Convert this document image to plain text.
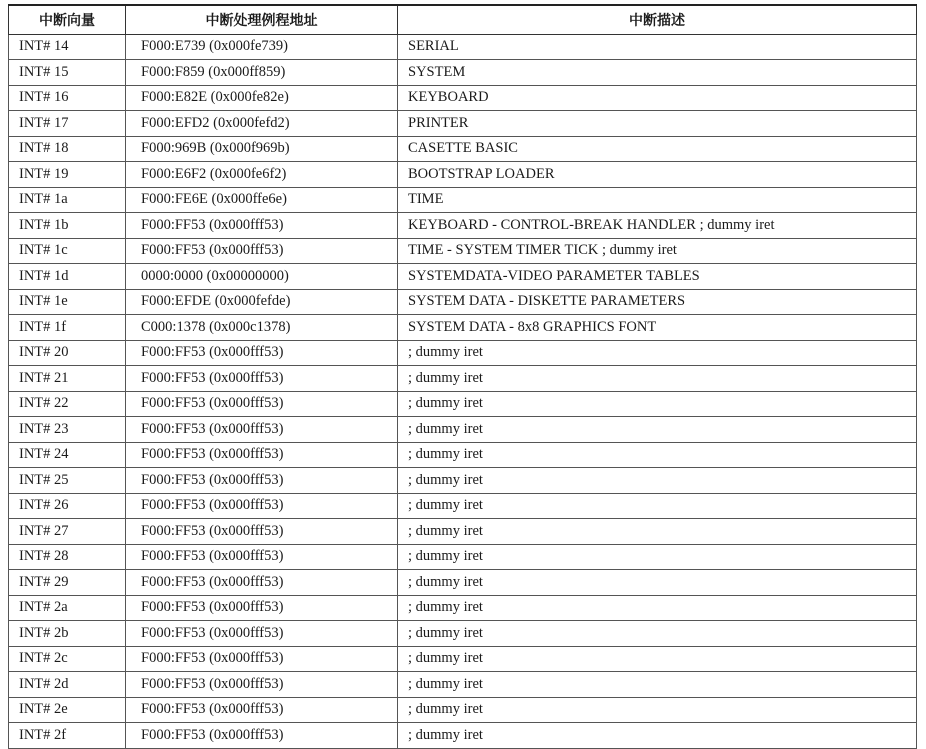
中断向量	中断处理例程地址	中断描述
INT# 14	F000:E739 (0x000fe739)	SERIAL
INT# 15	F000:F859 (0x000ff859)	SYSTEM
INT# 16	F000:E82E (0x000fe82e)	KEYBOARD
INT# 17	F000:EFD2 (0x000fefd2)	PRINTER
INT# 18	F000:969B (0x000f969b)	CASETTE BASIC
INT# 19	F000:E6F2 (0x000fe6f2)	BOOTSTRAP LOADER
INT# 1a	F000:FE6E (0x000ffe6e)	TIME
INT# 1b	F000:FF53 (0x000fff53)	KEYBOARD - CONTROL-BREAK HANDLER ; dummy iret
INT# 1c	F000:FF53 (0x000fff53)	TIME - SYSTEM TIMER TICK ; dummy iret
INT# 1d	0000:0000 (0x00000000)	SYSTEMDATA-VIDEO PARAMETER TABLES
INT# 1e	F000:EFDE (0x000fefde)	SYSTEM DATA - DISKETTE PARAMETERS
INT# 1f	C000:1378 (0x000c1378)	SYSTEM DATA - 8x8 GRAPHICS FONT
INT# 20	F000:FF53 (0x000fff53)	; dummy iret
INT# 21	F000:FF53 (0x000fff53)	; dummy iret
INT# 22	F000:FF53 (0x000fff53)	; dummy iret
INT# 23	F000:FF53 (0x000fff53)	; dummy iret
INT# 24	F000:FF53 (0x000fff53)	; dummy iret
INT# 25	F000:FF53 (0x000fff53)	; dummy iret
INT# 26	F000:FF53 (0x000fff53)	; dummy iret
INT# 27	F000:FF53 (0x000fff53)	; dummy iret
INT# 28	F000:FF53 (0x000fff53)	; dummy iret
INT# 29	F000:FF53 (0x000fff53)	; dummy iret
INT# 2a	F000:FF53 (0x000fff53)	; dummy iret
INT# 2b	F000:FF53 (0x000fff53)	; dummy iret
INT# 2c	F000:FF53 (0x000fff53)	; dummy iret
INT# 2d	F000:FF53 (0x000fff53)	; dummy iret
INT# 2e	F000:FF53 (0x000fff53)	; dummy iret
INT# 2f	F000:FF53 (0x000fff53)	; dummy iret
